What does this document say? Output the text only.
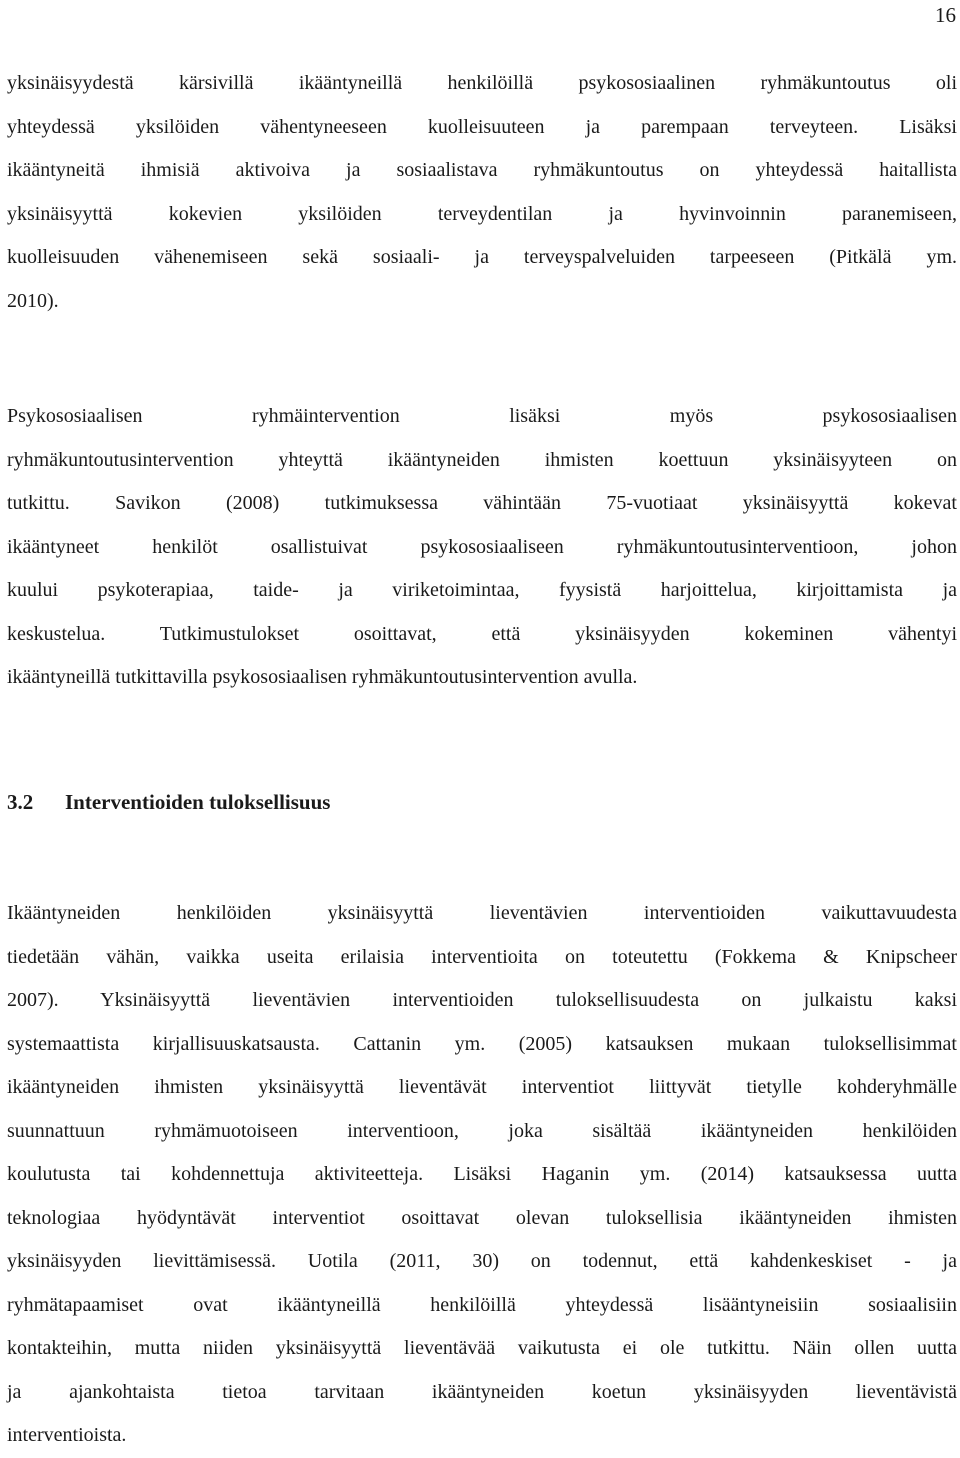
16
yksinäisyydestä kärsivillä ikääntyneillä henkilöillä psykososiaalinen ryhmäkuntoutus oli
yhteydessä yksilöiden vähentyneeseen kuolleisuuteen ja parempaan terveyteen. Lisäksi
ikääntyneitä ihmisiä aktivoiva ja sosiaalistava ryhmäkuntoutus on yhteydessä haitallista
yksinäisyyttä kokevien yksilöiden terveydentilan ja hyvinvoinnin paranemiseen,
kuolleisuuden vähenemiseen sekä sosiaali- ja terveyspalveluiden tarpeeseen (Pitkälä ym.
2010).
Psykososiaalisen ryhmäintervention lisäksi myös psykososiaalisen
ryhmäkuntoutusintervention yhteyttä ikääntyneiden ihmisten koettuun yksinäisyyteen on
tutkittu. Savikon (2008) tutkimuksessa vähintään 75-vuotiaat yksinäisyyttä kokevat
ikääntyneet henkilöt osallistuivat psykososiaaliseen ryhmäkuntoutusinterventioon, johon
kuului psykoterapiaa, taide- ja viriketoimintaa, fyysistä harjoittelua, kirjoittamista ja
keskustelua. Tutkimustulokset osoittavat, että yksinäisyyden kokeminen vähentyi
ikääntyneillä tutkittavilla psykososiaalisen ryhmäkuntoutusintervention avulla.
3.2 Interventioiden tuloksellisuus
Ikääntyneiden henkilöiden yksinäisyyttä lieventävien interventioiden vaikuttavuudesta
tiedetään vähän, vaikka useita erilaisia interventioita on toteutettu (Fokkema & Knipscheer
2007). Yksinäisyyttä lieventävien interventioiden tuloksellisuudesta on julkaistu kaksi
systemaattista kirjallisuuskatsausta. Cattanin ym. (2005) katsauksen mukaan tuloksellisimmat
ikääntyneiden ihmisten yksinäisyyttä lieventävät interventiot liittyvät tietylle kohderyhmälle
suunnattuun ryhmämuotoiseen interventioon, joka sisältää ikääntyneiden henkilöiden
koulutusta tai kohdennettuja aktiviteetteja. Lisäksi Haganin ym. (2014) katsauksessa uutta
teknologiaa hyödyntävät interventiot osoittavat olevan tuloksellisia ikääntyneiden ihmisten
yksinäisyyden lievittämisessä. Uotila (2011, 30) on todennut, että kahdenkeskiset - ja
ryhmätapaamiset ovat ikääntyneillä henkilöillä yhteydessä lisääntyneisiin sosiaalisiin
kontakteihin, mutta niiden yksinäisyyttä lieventävää vaikutusta ei ole tutkittu. Näin ollen uutta
ja ajankohtaista tietoa tarvitaan ikääntyneiden koetun yksinäisyyden lieventävistä
interventioista.
